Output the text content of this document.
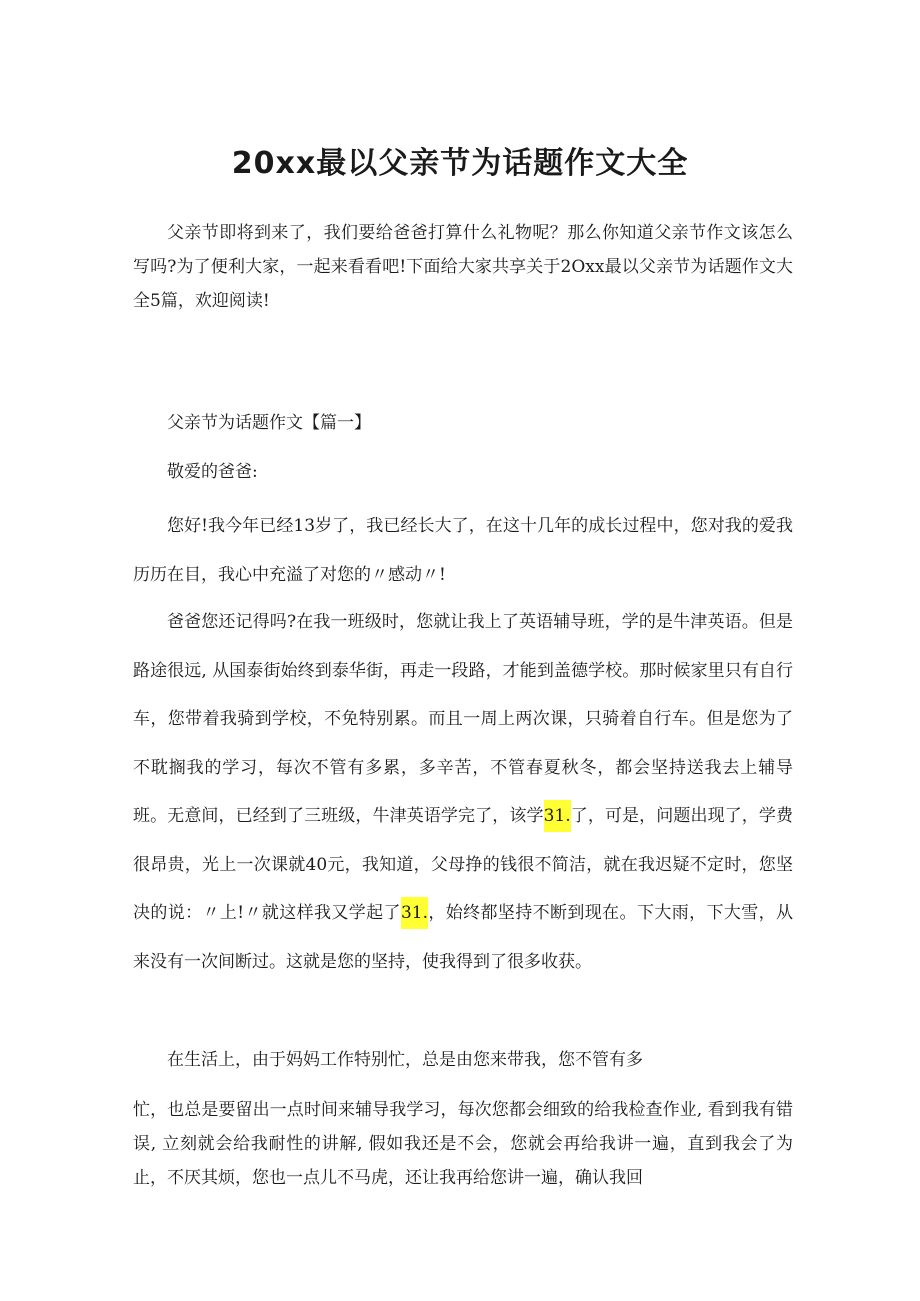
20xx最以父亲节为话题作文大全

父亲节即将到来了，我们要给爸爸打算什么礼物呢？那么你知道父亲节作文该怎么写吗?为了便利大家，一起来看看吧!下面给大家共享关于2Oxx最以父亲节为话题作文大全5篇，欢迎阅读!

父亲节为话题作文【篇一】

敬爱的爸爸:

您好!我今年已经13岁了，我已经长大了，在这十几年的成长过程中，您对我的爱我历历在目，我心中充溢了对您的〃感动〃!

爸爸您还记得吗?在我一班级时，您就让我上了英语辅导班，学的是牛津英语。但是路途很远, 从国泰街始终到泰华街，再走一段路，才能到盖德学校。那时候家里只有自行车，您带着我骑到学校，不免特别累。而且一周上两次课，只骑着自行车。但是您为了不耽搁我的学习，每次不管有多累，多辛苦，不管春夏秋冬，都会坚持送我去上辅导班。无意间，已经到了三班级，牛津英语学完了，该学31.了，可是，问题出现了，学费很昂贵，光上一次课就40元，我知道，父母挣的钱很不简洁，就在我迟疑不定时，您坚决的说：〃上!〃就这样我又学起了31.，始终都坚持不断到现在。下大雨，下大雪，从来没有一次间断过。这就是您的坚持，使我得到了很多收获。

在生活上，由于妈妈工作特别忙，总是由您来带我，您不管有多

忙，也总是要留出一点时间来辅导我学习，每次您都会细致的给我检查作业, 看到我有错误, 立刻就会给我耐性的讲解, 假如我还是不会，您就会再给我讲一遍，直到我会了为止，不厌其烦，您也一点儿不马虎，还让我再给您讲一遍，确认我回
